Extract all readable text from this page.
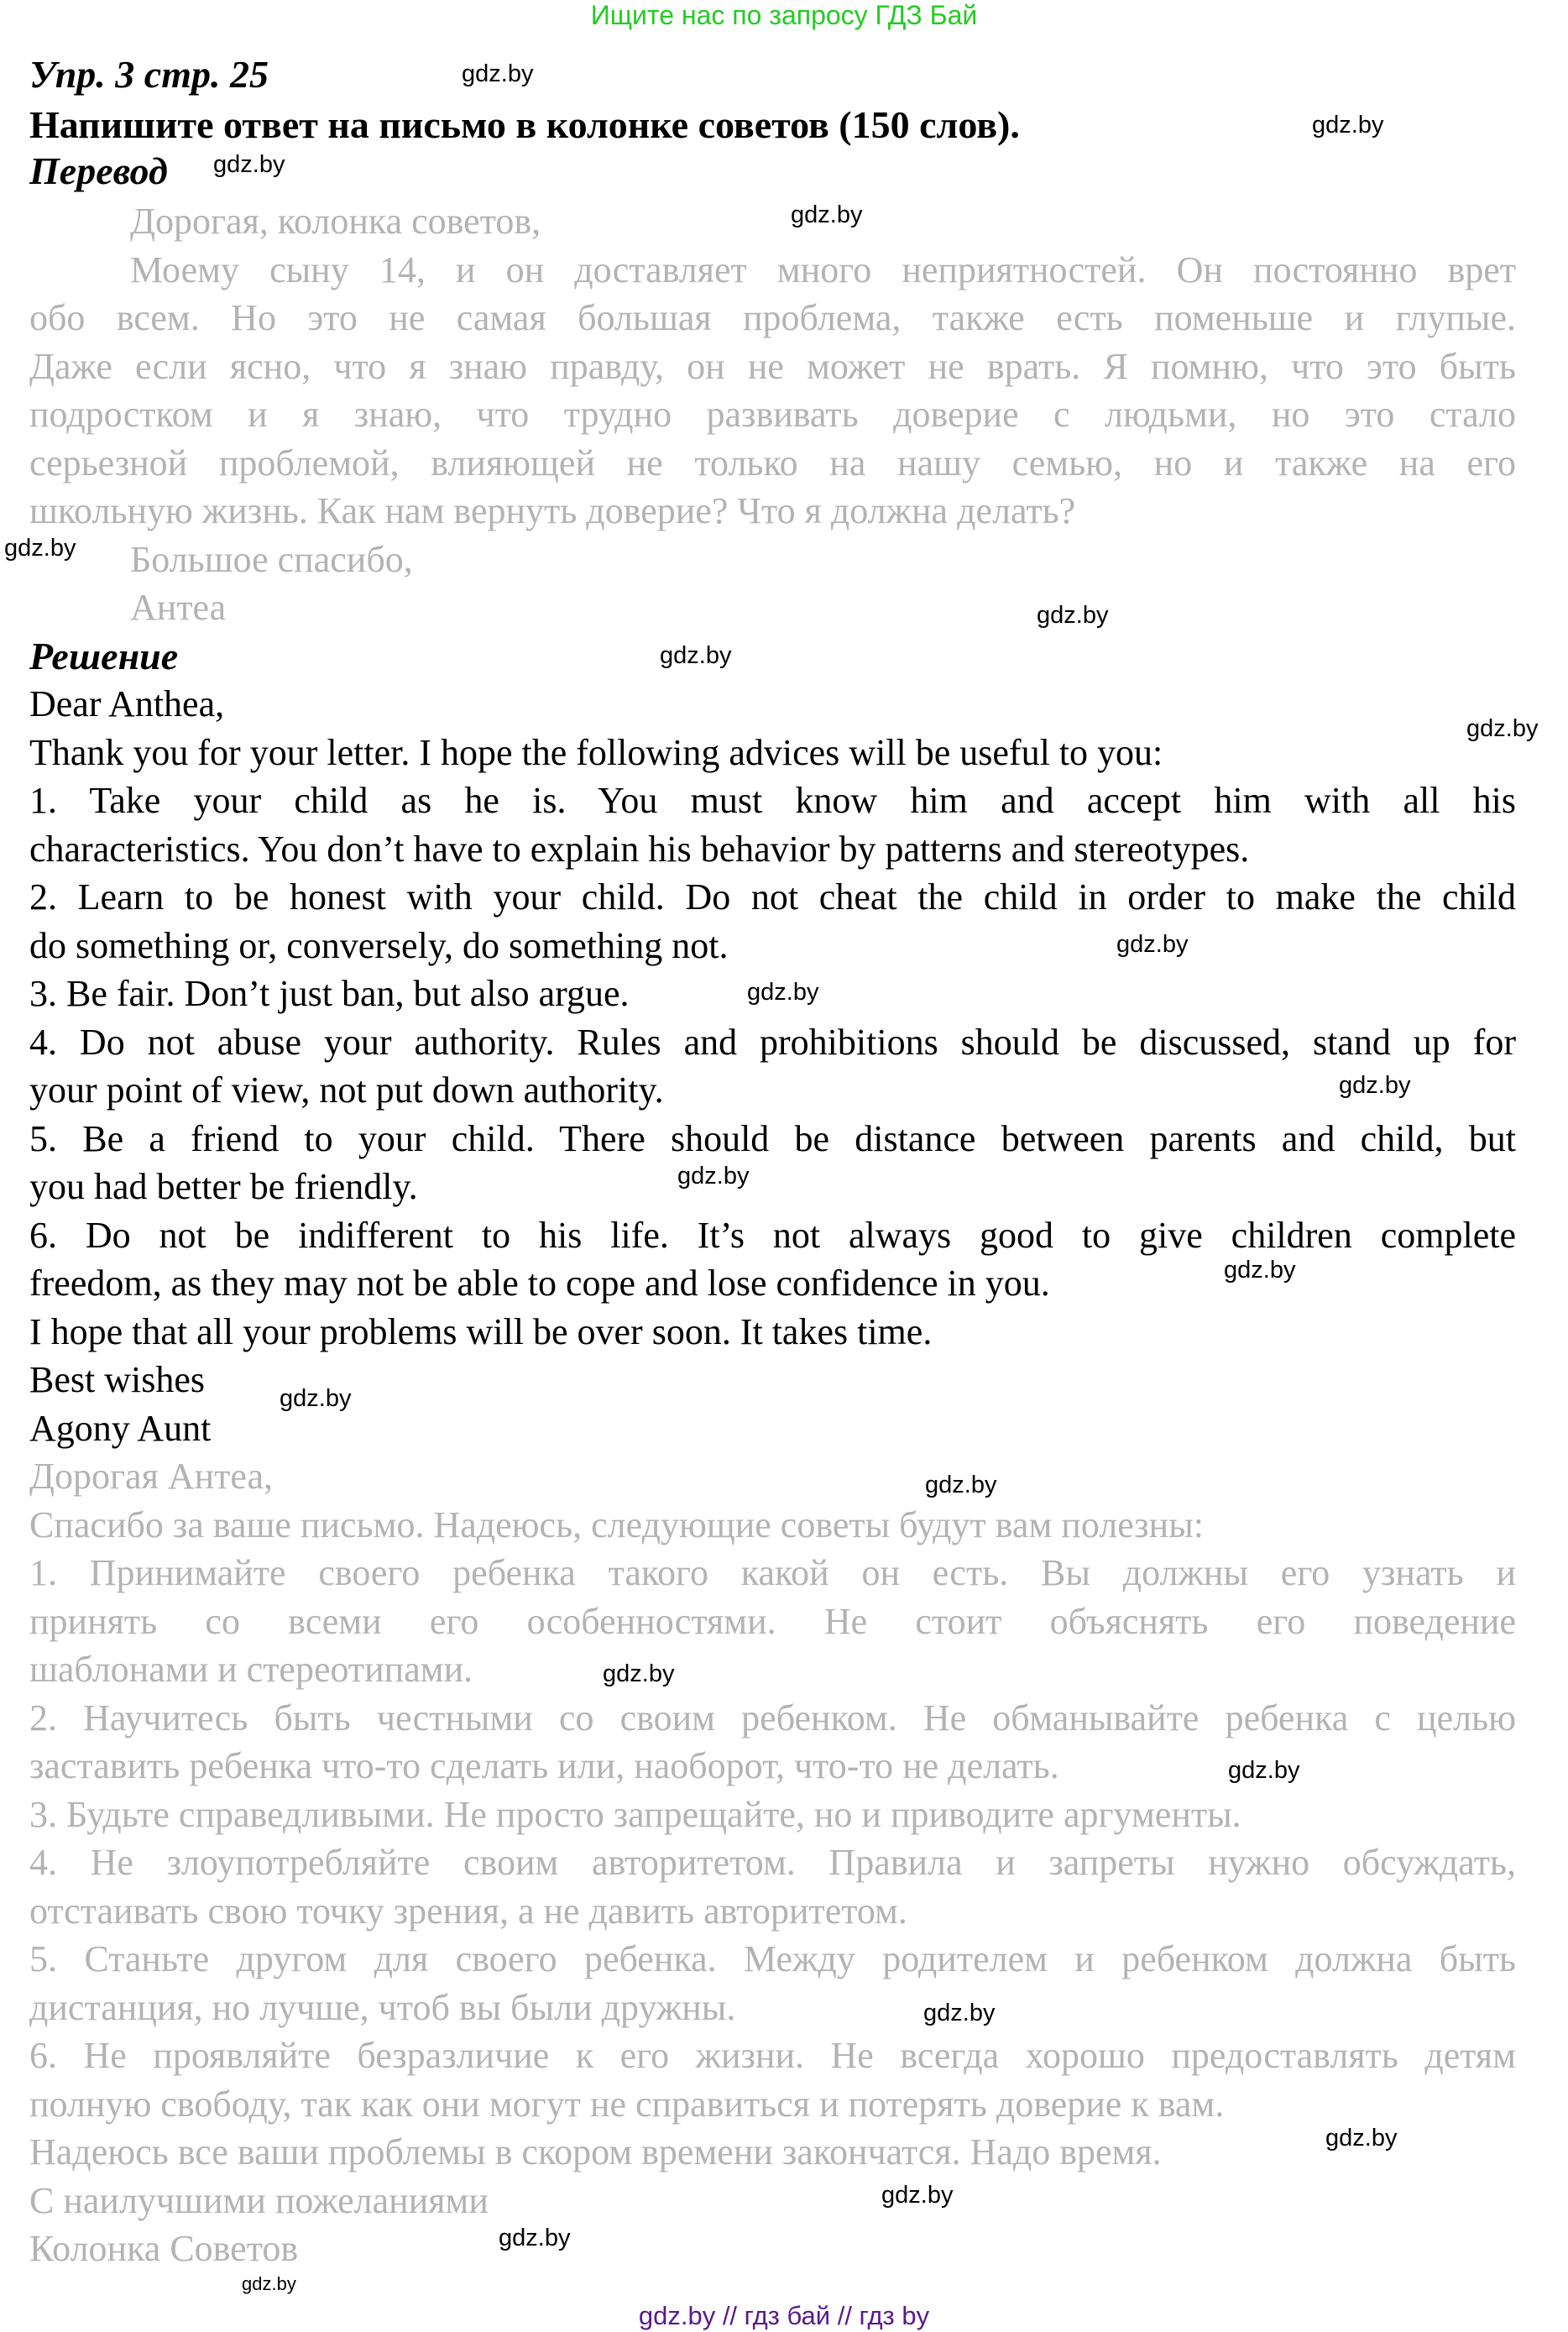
Ищите нас по запросу ГДЗ Бай
Упр. 3 стр. 25
Напишите ответ на письмо в колонке советов (150 слов).
Перевод
Дорогая, колонка советов,
Моему сыну 14, и он доставляет много неприятностей. Он постоянно врет
обо всем. Но это не самая большая проблема, также есть поменьше и глупые.
Даже если ясно, что я знаю правду, он не может не врать. Я помню, что это быть
подростком и я знаю, что трудно развивать доверие с людьми, но это стало
серьезной проблемой, влияющей не только на нашу семью, но и также на его
школьную жизнь. Как нам вернуть доверие? Что я должна делать?
Большое спасибо,
Антеа
Решение
Dear Anthea,
Thank you for your letter. I hope the following advices will be useful to you:
1. Take your child as he is. You must know him and accept him with all his
characteristics. You don’t have to explain his behavior by patterns and stereotypes.
2. Learn to be honest with your child. Do not cheat the child in order to make the child
do something or, conversely, do something not.
3. Be fair. Don’t just ban, but also argue.
4. Do not abuse your authority. Rules and prohibitions should be discussed, stand up for
your point of view, not put down authority.
5. Be a friend to your child. There should be distance between parents and child, but
you had better be friendly.
6. Do not be indifferent to his life. It’s not always good to give children complete
freedom, as they may not be able to cope and lose confidence in you.
I hope that all your problems will be over soon. It takes time.
Best wishes
Agony Aunt
Дорогая Антеа,
Спасибо за ваше письмо. Надеюсь, следующие советы будут вам полезны:
1. Принимайте своего ребенка такого какой он есть. Вы должны его узнать и
принять со всеми его особенностями. Не стоит объяснять его поведение
шаблонами и стереотипами.
2. Научитесь быть честными со своим ребенком. Не обманывайте ребенка с целью
заставить ребенка что-то сделать или, наоборот, что-то не делать.
3. Будьте справедливыми. Не просто запрещайте, но и приводите аргументы.
4. Не злоупотребляйте своим авторитетом. Правила и запреты нужно обсуждать,
отстаивать свою точку зрения, а не давить авторитетом.
5. Станьте другом для своего ребенка. Между родителем и ребенком должна быть
дистанция, но лучше, чтоб вы были дружны.
6. Не проявляйте безразличие к его жизни. Не всегда хорошо предоставлять детям
полную свободу, так как они могут не справиться и потерять доверие к вам.
Надеюсь все ваши проблемы в скором времени закончатся. Надо время.
С наилучшими пожеланиями
Колонка Советов
gdz.by
gdz.by
gdz.by
gdz.by
gdz.by
gdz.by
gdz.by
gdz.by
gdz.by
gdz.by
gdz.by
gdz.by
gdz.by
gdz.by
gdz.by
gdz.by
gdz.by
gdz.by
gdz.by
gdz.by
gdz.by
gdz.by
gdz.by // гдз бай // гдз by
